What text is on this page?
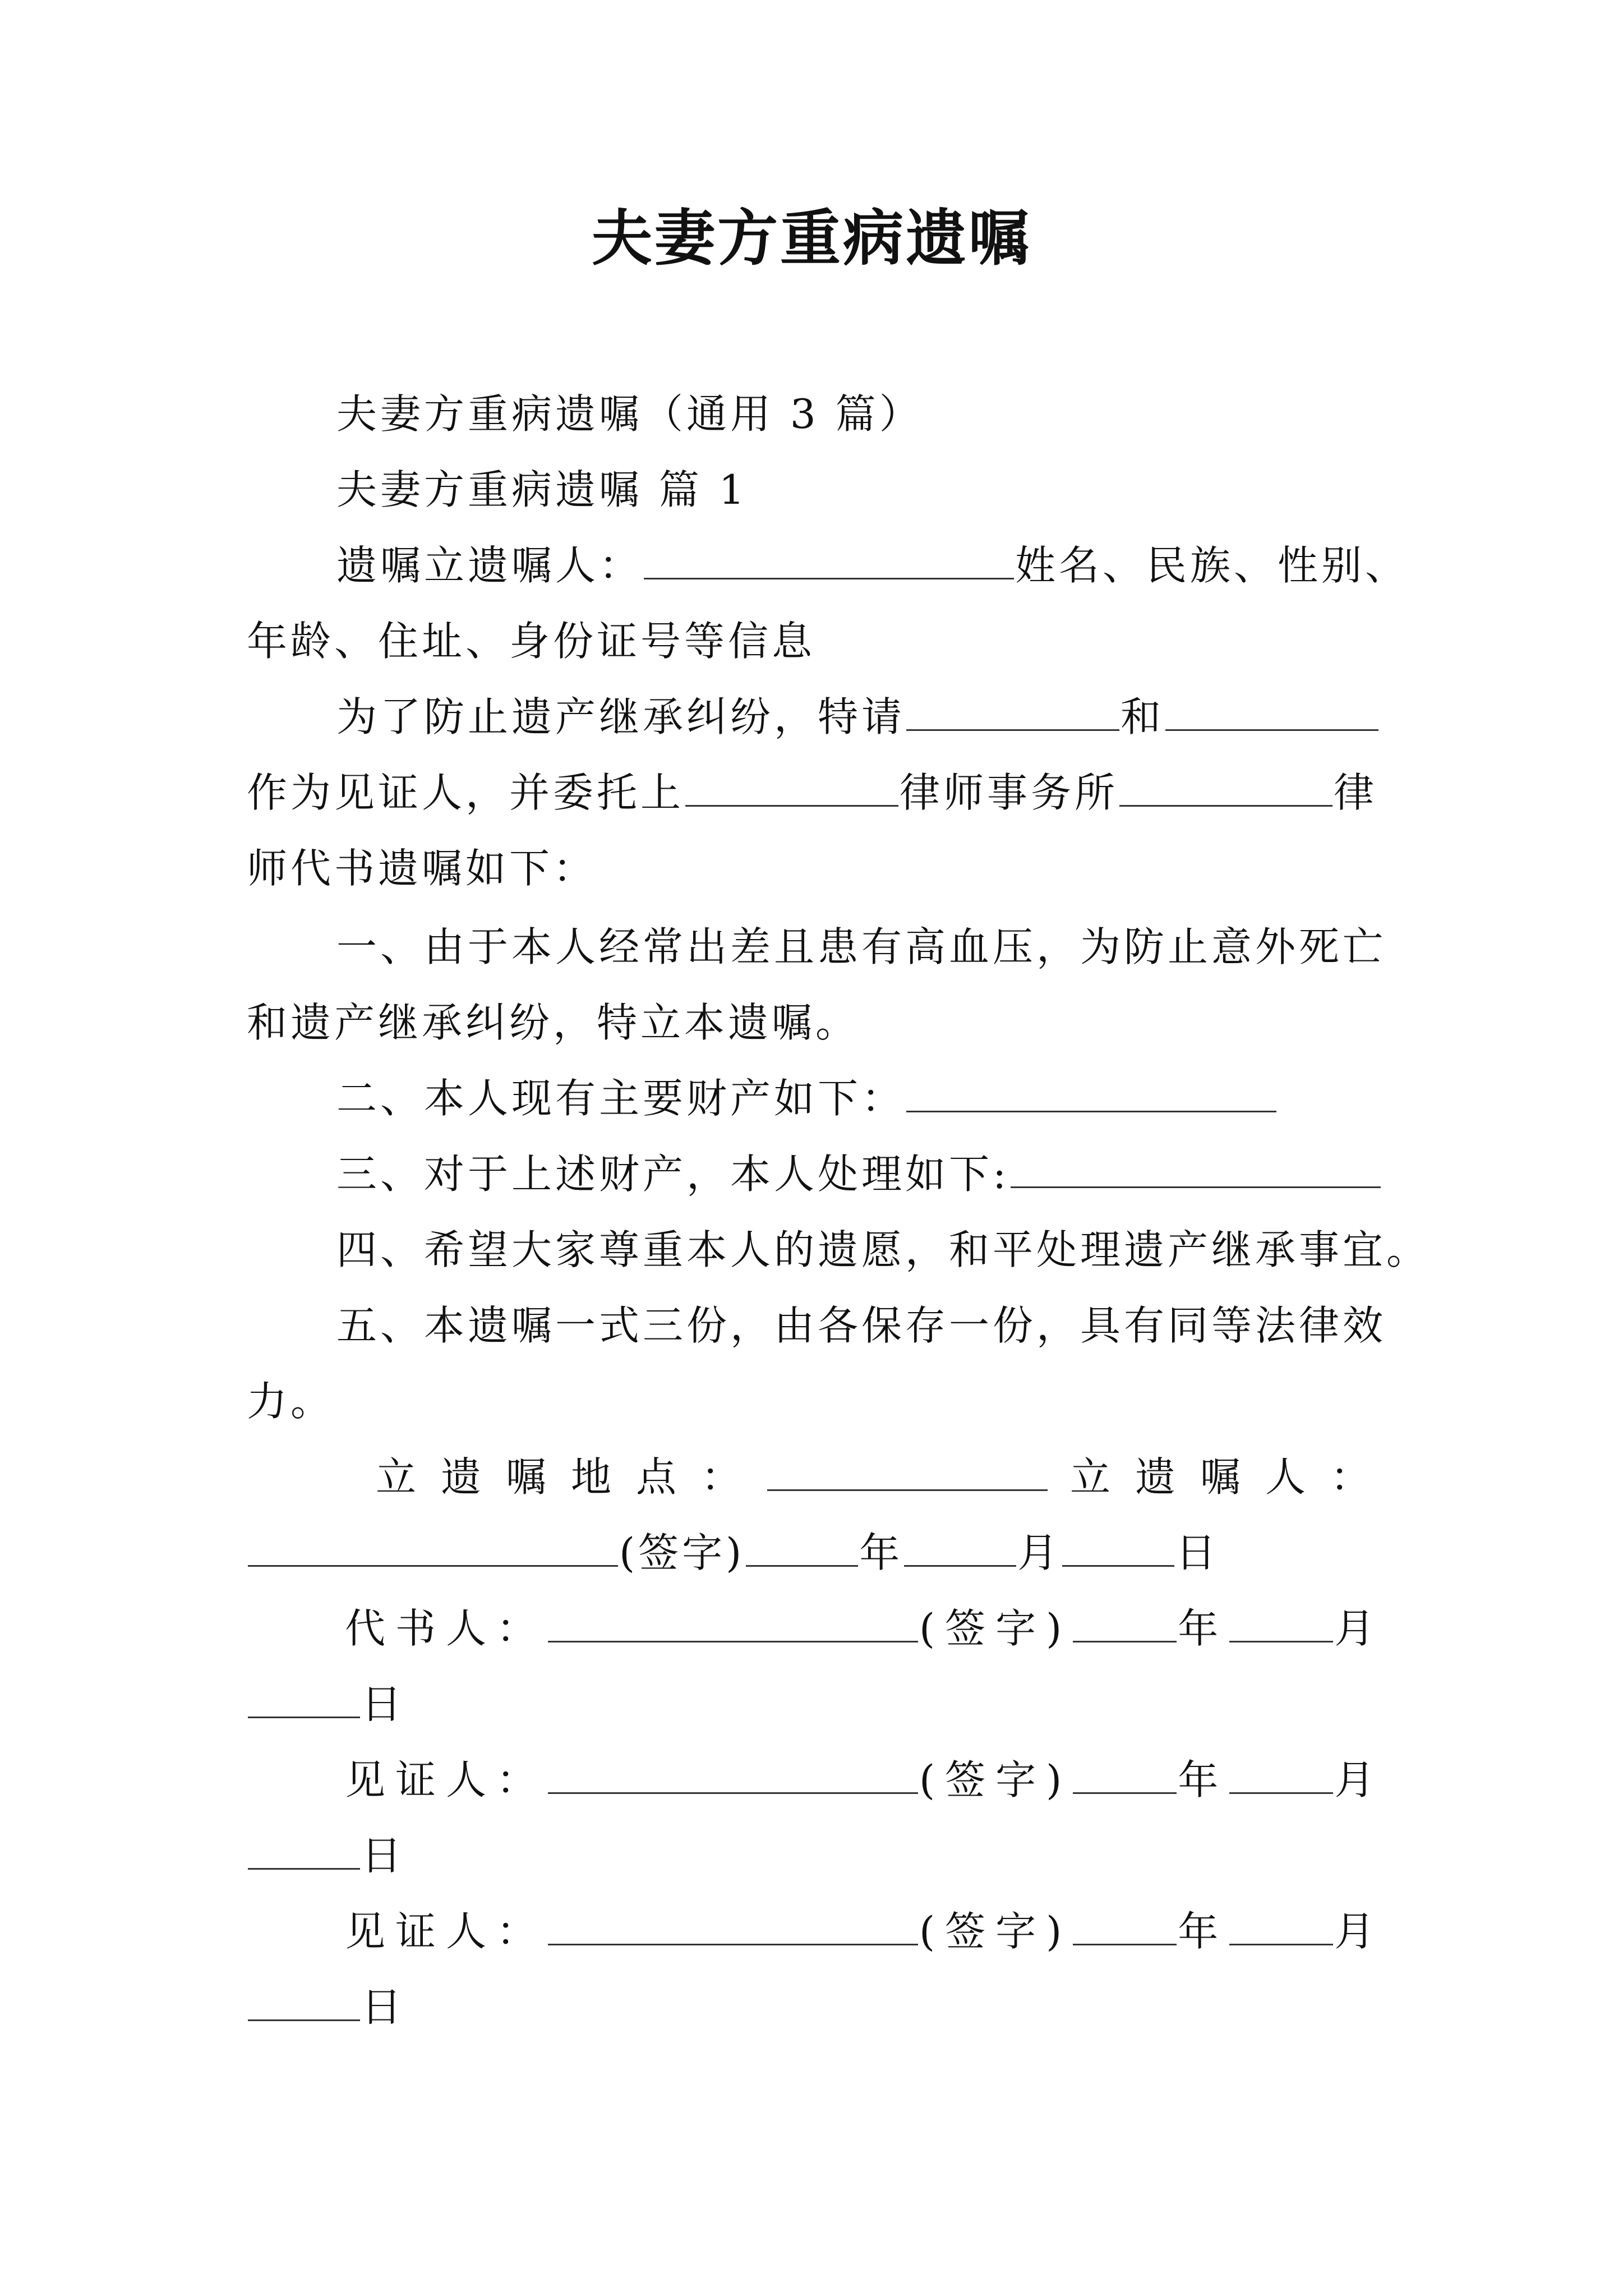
夫妻方重病遗嘱
夫妻方重病遗嘱（通用 3 篇）
夫妻方重病遗嘱 篇 1
遗嘱立遗嘱人：	姓名、民族、性别、
年龄、住址、身份证号等信息
为了防止遗产继承纠纷，特请	和
作为见证人，并委托上	律师事务所	律
师代书遗嘱如下：
一、由于本人经常出差且患有高血压，为防止意外死亡
和遗产继承纠纷，特立本遗嘱。
二、本人现有主要财产如下：
三、对于上述财产，本人处理如下:
四、希望大家尊重本人的遗愿，和平处理遗产继承事宜。
五、本遗嘱一式三份，由各保存一份，具有同等法律效
力。
立遗嘱地点：	立遗嘱人：
(签字)	年	月	日
代书人：	(签字)	年	月
日
见证人：	(签字)	年	月
日
见证人：	(签字)	年	月
日
